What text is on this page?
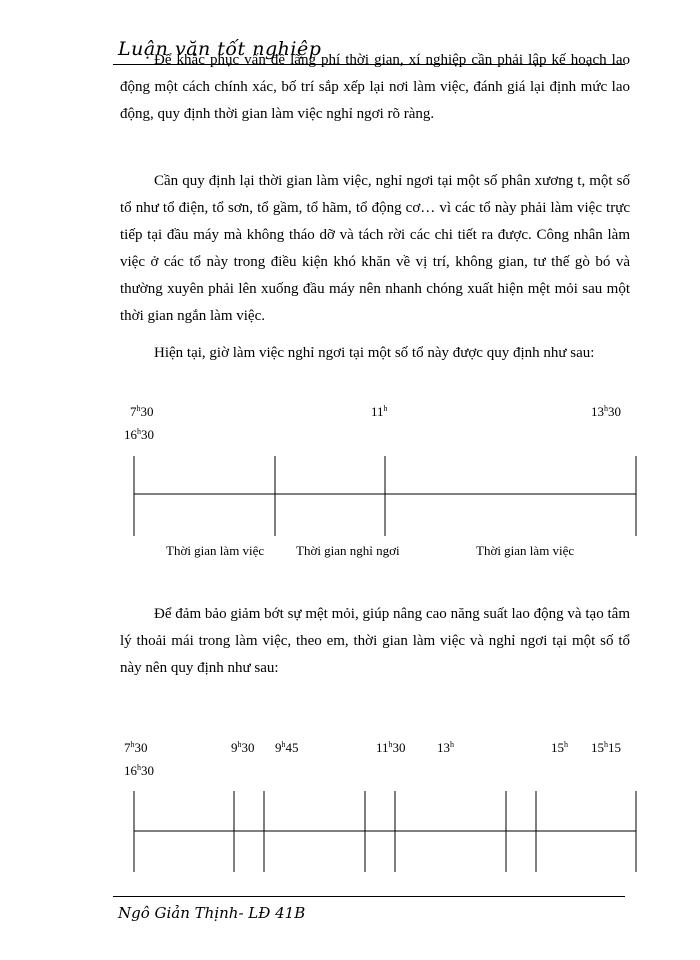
Luận văn tốt nghiệp

Để khắc phục vấn đề lãng phí thời gian, xí nghiệp cần phải lập kế hoạch lao động một cách chính xác, bố trí sắp xếp lại nơi làm việc, đánh giá lại định mức lao động, quy định thời gian làm việc nghỉ ngơi rõ ràng.

Cần quy định lại thời gian làm việc, nghỉ ngơi tại một số phân xương t, một số tổ như tổ điện, tổ sơn, tổ gầm, tổ hãm, tổ động cơ… vì các tổ này phải làm việc trực tiếp tại đầu máy mà không tháo dỡ và tách rời các chi tiết ra được. Công nhân làm việc ở các tổ này trong điều kiện khó khăn về vị trí, không gian, tư thế gò bó và thường xuyên phải lên xuống đầu máy nên nhanh chóng xuất hiện mệt mỏi sau một thời gian ngắn làm việc.

Hiện tại, giờ làm việc nghỉ ngơi tại một số tổ này được quy định như sau:

7$^h$30	11$^h$	13$^h$30
16$^h$30
Thời gian làm việc Thời gian nghỉ ngơi	Thời gian làm việc

Để đảm bảo giảm bớt sự mệt mỏi, giúp nâng cao năng suất lao động và tạo tâm lý thoải mái trong làm việc, theo em, thời gian làm việc và nghỉ ngơi tại một số tổ này nên quy định như sau:

7$^h$30	9$^h$30 9$^h$45	11$^h$30 13$^h$	15$^h$ 15$^h$15
16$^h$30
Ngô Giản Thịnh- LĐ 41B
